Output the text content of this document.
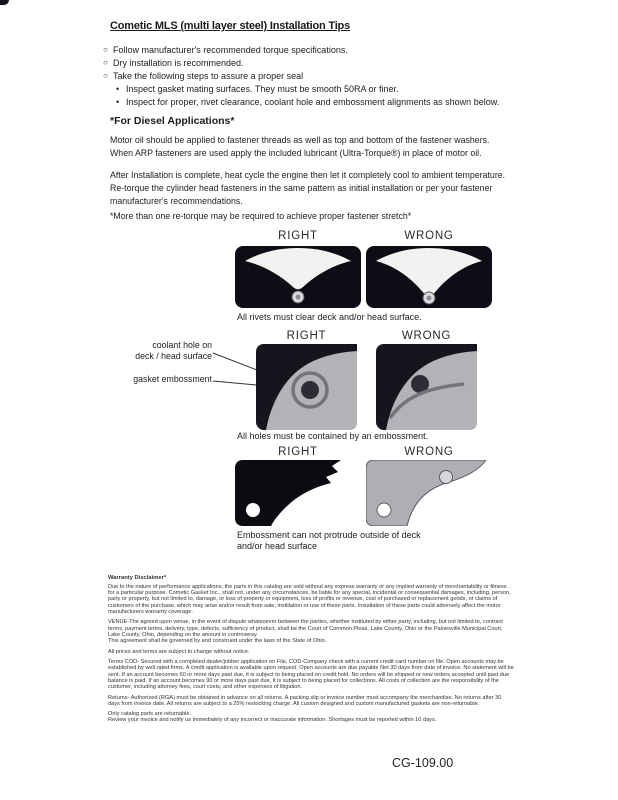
Cometic MLS (multi layer steel) Installation Tips
○ Follow manufacturer's recommended torque specifications.
○ Dry installation is recommended.
○ Take the following steps to assure a proper seal
• Inspect gasket mating surfaces. They must be smooth 50RA or finer.
• Inspect for proper, rivet clearance, coolant hole and embossment alignments as shown below.
*For Diesel Applications*
Motor oil should be applied to fastener threads as well as top and bottom of the fastener washers. When ARP fasteners are used apply the included lubricant (Ultra-Torque®) in place of motor oil.
After Installation is complete, heat cycle the engine then let it completely cool to ambient temperature. Re-torque the cylinder head fasteners in the same pattern as initial installation or per your fastener manufacturer's recommendations.
*More than one re-torque may be required to achieve proper fastener stretch*
RIGHT	WRONG
All rivets must clear deck and/or head surface.
RIGHT	WRONG
coolant hole on
deck / head surface
gasket embossment
All holes must be contained by an embossment.
RIGHT	WRONG
Embossment can not protrude outside of deck and/or head surface
Warranty Disclaimer*
Due to the nature of performance applications, the parts in this catalog are sold without any express warranty or any implied warranty of merchantability or fitness for a particular purpose. Cometic Gasket Inc., shall not, under any circumstances, be liable for any special, incidental or consequential damages, including, person, party or property, but not limited to, damage, or loss of property or equipment, loss of profits or revenue, cost of purchased or replacement goods, or claims of customers of the purchase, which may arise and/or result from sale, instillation or use of these parts. Installation of these parts could adversely affect the motor manufacturers warranty coverage.
VENUE-The agreed upon venue, in the event of dispute whatsoever between the parties, whether instituted by either party, including, but not limited to, contract terms, payment terms, delivery, type, defects, sufficiency of product, shall be the Court of Common Pleas, Lake County, Ohio or the Painesville Municipal Court, Lake County, Ohio, depending on the amount in controversy.
This agreement shall be governed by and construed under the laws of the State of Ohio.
All prices and terms are subject to change without notice.
Terms COD- Secured with a completed dealer/jobber application on File, COD-Company check with a current credit card number on file. Open accounts may be established by well rated firms. A credit application is available upon request. Open accounts are due payable Net 30 days from date of invoice. No statement will be sent. If an account becomes 60 or more days past due, it is subject to being placed on credit hold. No orders will be shipped or new orders accepted until past due balance is paid. If an account becomes 90 or more days past due, it is subject to being placed for collections. All costs of collection are the responsibility of the customer, including attorney fees, court costs, and other expenses of litigation.
Returns- Authorized (RGA) must be obtained in advance on all returns. A packing slip or invoice number must accompany the merchandise. No returns after 30 days from invoice date. All returns are subject to a 25% restocking charge. All custom designed and custom manufactured gaskets are non-returnable.
Only catalog parts are returnable.
Review your invoice and notify us immediately of any incorrect or inaccurate information. Shortages must be reported within 10 days.
CG-109.00
